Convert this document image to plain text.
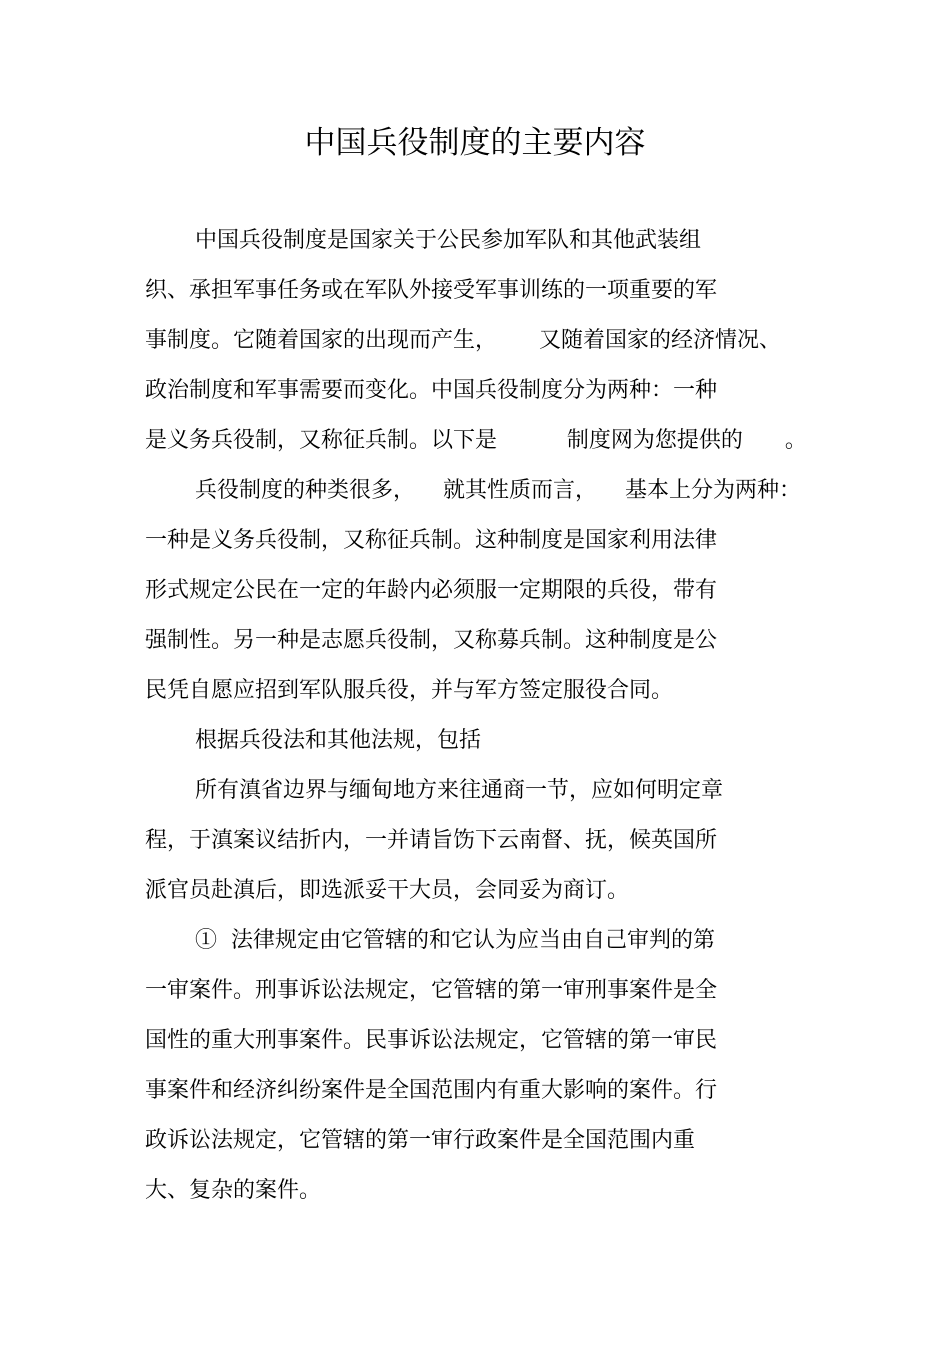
中国兵役制度的主要内容

中国兵役制度是国家关于公民参加军队和其他武装组

织、承担军事任务或在军队外接受军事训练的一项重要的军

事制度。它随着国家的出现而产生，      又随着国家的经济情况、

政治制度和军事需要而变化。中国兵役制度分为两种：一种

是义务兵役制，又称征兵制。以下是          制度网为您提供的      。

兵役制度的种类很多，    就其性质而言，    基本上分为两种：

一种是义务兵役制，又称征兵制。这种制度是国家利用法律

形式规定公民在一定的年龄内必须服一定期限的兵役，带有

强制性。另一种是志愿兵役制，又称募兵制。这种制度是公

民凭自愿应招到军队服兵役，并与军方签定服役合同。

根据兵役法和其他法规，包括

所有滇省边界与缅甸地方来往通商一节，应如何明定章

程，于滇案议结折内，一并请旨饬下云南督、抚，候英国所

派官员赴滇后，即选派妥干大员，会同妥为商订。

①  法律规定由它管辖的和它认为应当由自己审判的第

一审案件。刑事诉讼法规定，它管辖的第一审刑事案件是全

国性的重大刑事案件。民事诉讼法规定，它管辖的第一审民

事案件和经济纠纷案件是全国范围内有重大影响的案件。行

政诉讼法规定，它管辖的第一审行政案件是全国范围内重

大、复杂的案件。
